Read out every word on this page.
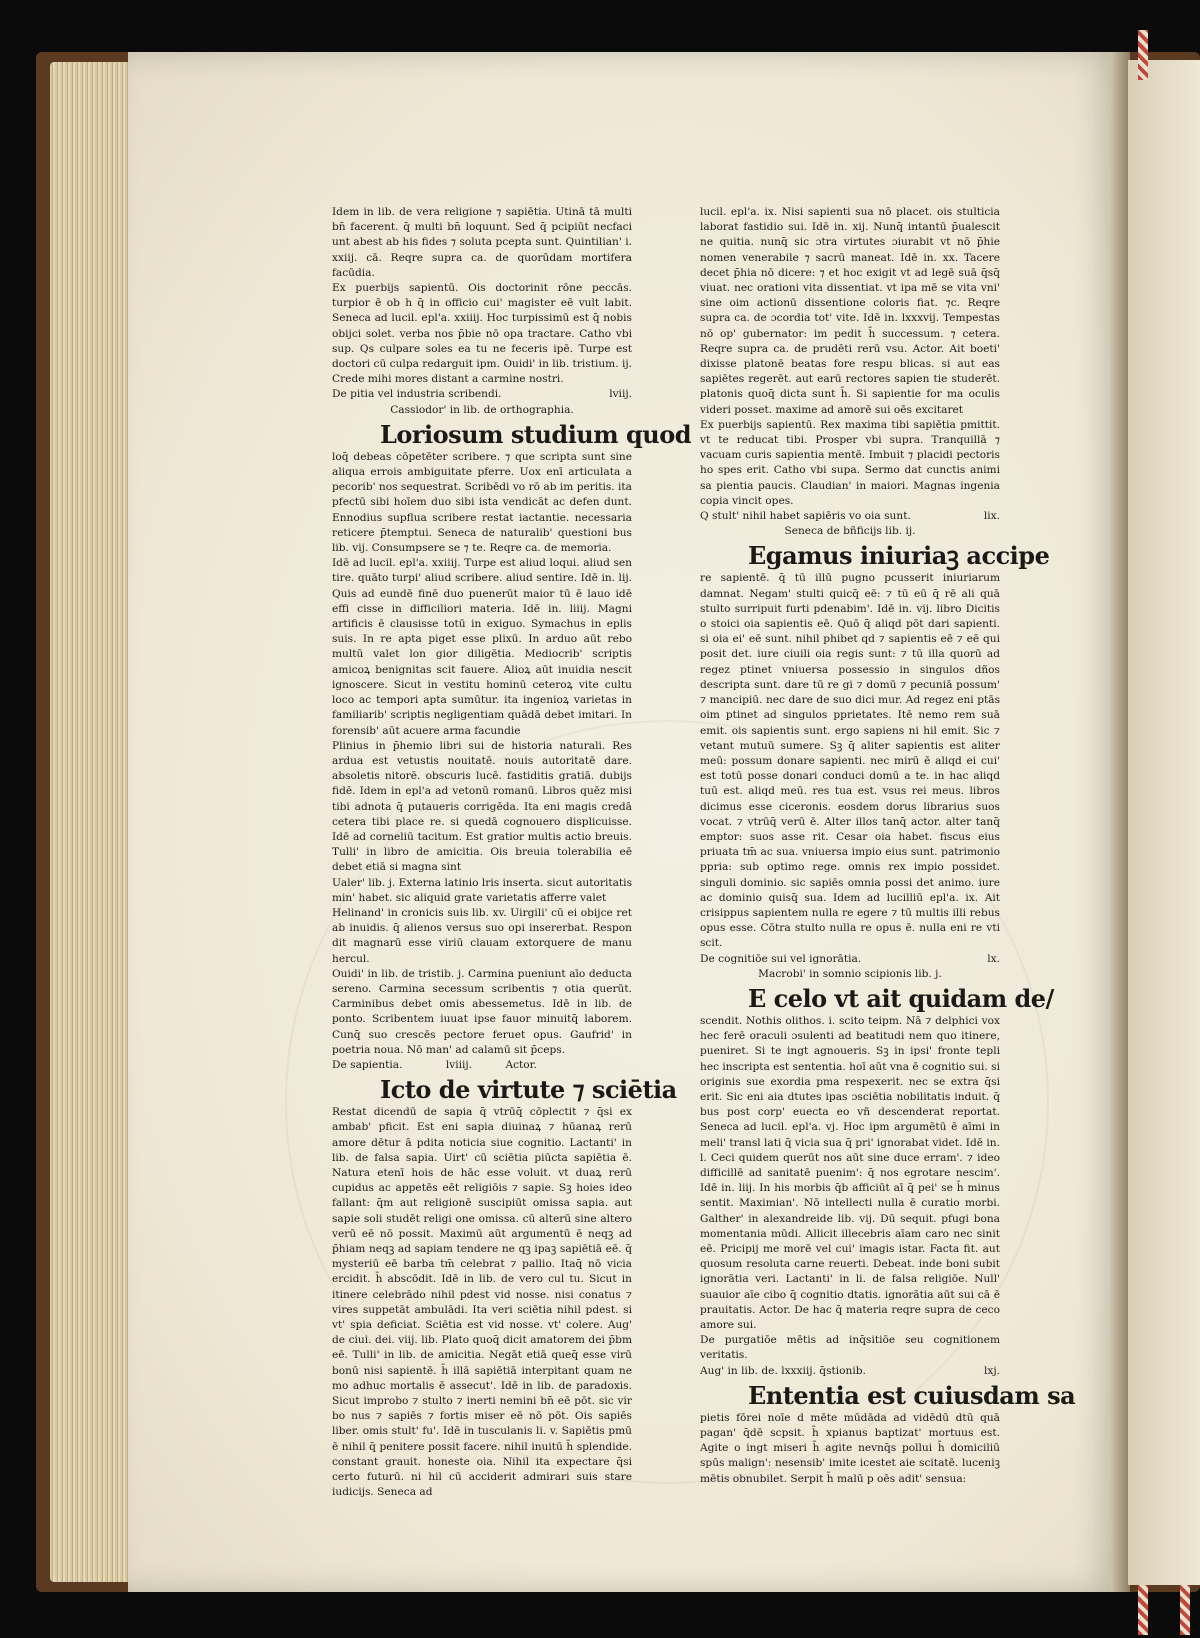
Idem in lib. de vera religione ⁊ sapiētia. Utinā tā multi bn̄ facerent. q̄ multi bn̄ loquunt. Sed q̄ pcipiūt necfaci unt abest ab his fides ⁊ soluta pcepta sunt. Quintilian' i. xxiij. cā. Reqre supra ca. de quorūdam mortifera facūdia.

Ex puerbijs sapientū. Ois doctorinit rōne peccās. turpior ē ob h q̄ in officio cui' magister eē vult labit. Seneca ad lucil. epl'a. xxiiij. Hoc turpissimū est q̄ nobis obijci solet. verba nos p̄bie nō opa tractare. Catho vbi sup. Qs culpare soles ea tu ne feceris ipē. Turpe est doctori cū culpa redarguit ipm. Ouidi' in lib. tristium. ij. Crede mihi mores distant a carmine nostri.

De pitia vel industria scribendi.	lviij.

Cassiodor' in lib. de orthographia.

Loriosum studium quod

loq̄ debeas cōpetēter scribere. ⁊ que scripta sunt sine aliqua errois ambiguitate pferre. Uox enī articulata a pecorib' nos sequestrat. Scribēdi vo rō ab im peritis. ita pfectū sibi hoīem duo sibi ista vendicāt ac defen dunt. Ennodius supflua scribere restat iactantie. necessaria reticere p̄temptui. Seneca de naturalib' questioni bus lib. vij. Consumpsere se ⁊ te. Reqre ca. de memoria.

Idē ad lucil. epl'a. xxiiij. Turpe est aliud loqui. aliud sen tire. quāto turpi' aliud scribere. aliud sentire. Idē in. lij. Quis ad eundē finē duo puenerūt maior tū ē lauo idē effi cisse in difficiliori materia. Idē in. liiij. Magni artificis ē clausisse totū in exiguo. Symachus in eplis suis. In re apta piget esse plixū. In arduo aūt rebo multū valet lon gior diligētia. Mediocrib' scriptis amicoꝝ benignitas scit fauere. Alioꝝ aūt inuidia nescit ignoscere. Sicut in vestitu hominū ceteroꝝ vite cultu loco ac tempori apta sumūtur. ita ingenioꝝ varietas in familiarib' scriptis negligentiam quādā debet imitari. In forensib' aūt acuere arma facundie

Plinius in p̄hemio libri sui de historia naturali. Res ardua est vetustis nouitatē. nouis autoritatē dare. absoletis nitorē. obscuris lucē. fastiditis gratiā. dubijs fidē. Idem in epl'a ad vetonū romanū. Libros quēz misi tibi adnota q̄ putaueris corrigēda. Ita eni magis credā cetera tibi place re. si quedā cognouero displicuisse. Idē ad corneliū tacitum. Est gratior multis actio breuis. Tulli' in libro de amicitia. Ois breuia tolerabilia eē debet etiā si magna sint

Ualer' lib. j. Externa latinio lris inserta. sicut autoritatis min' habet. sic aliquid grate varietatis afferre valet

Helinand' in cronicis suis lib. xv. Uirgili' cū ei obijce ret ab inuidis. q̄ alienos versus suo opi insererbat. Respon dit magnarū esse viriū clauam extorquere de manu hercul.

Ouidi' in lib. de tristib. j. Carmina pueniunt aīo deducta sereno. Carmina secessum scribentis ⁊ otia querūt. Carminibus debet omis abessemetus. Idē in lib. de ponto. Scribentem iuuat ipse fauor minuitq̄ laborem. Cunq̄ suo crescēs pectore feruet opus. Gaufrid' in poetria noua. Nō man' ad calamū sit p̄ceps.

De sapientia.	lviiij.	Actor.

Icto de virtute ⁊ sciētia

Restat dicendū de sapia q̄ vtrūq̄ cōplectit ⁊ q̄si ex ambab' pficit. Est eni sapia diuinaꝝ ⁊ hūanaꝝ rerū amore dētur ā pdita noticia siue cognitio. Lactanti' in lib. de falsa sapia. Uirt' cū sciētia piūcta sapiētia ē. Natura etenī hois de hāc esse voluit. vt duaꝝ rerū cupidus ac appetēs eēt religiōis ⁊ sapie. Sꝫ hoies ideo fallant: q̄m aut religionē suscipiūt omissa sapia. aut sapie soli studēt religi one omissa. cū alterū sine altero verū eē nō possit. Maximū aūt argumentū ē neqꝫ ad p̄hiam neqꝫ ad sapiam tendere ne qꝫ ipaꝫ sapiētiā eē. q̄ mysteriū eē barba tm̄ celebrat ⁊ pallio. Itaq̄ nō vicia ercidit. h̄ abscōdit. Idē in lib. de vero cul tu. Sicut in itinere celebrādo nihil pdest vid nosse. nisi conatus ⁊ vires suppetāt ambulādi. Ita veri sciētia nihil pdest. si vt' spia deficiat. Sciētia est vid nosse. vt' colere. Aug' de ciui. dei. viij. lib. Plato quoq̄ dicit amatorem dei p̄bm eē. Tulli' in lib. de amicitia. Negāt etiā queq̄ esse virū bonū nisi sapientē. h̄ illā sapiētiā interpitant quam ne mo adhuc mortalis ē assecut'. Idē in lib. de paradoxis. Sicut improbo ⁊ stulto ⁊ inerti nemini bn̄ eē pōt. sic vir bo nus ⁊ sapiēs ⁊ fortis miser eē nō pōt. Ois sapiēs liber. omis stult' fu'. Idē in tusculanis li. v. Sapiētis pmū ē nihil q̄ penitere possit facere. nihil inuitū h̄ splendide. constant grauit. honeste oia. Nihil ita expectare q̄si certo futurū. ni hil cū acciderit admirari suis stare iudicijs. Seneca ad

lucil. epl'a. ix. Nisi sapienti sua nō placet. ois stulticia laborat fastidio sui. Idē in. xij. Nunq̄ intantū p̄ualescit ne quitia. nunq̄ sic ɔtra virtutes ɔiurabit vt nō p̄hie nomen venerabile ⁊ sacrū maneat. Idē in. xx. Tacere decet p̄hia nō dicere: ⁊ et hoc exigit vt ad legē suā q̄sq̄ viuat. nec orationi vita dissentiat. vt ipa mē se vita vni' sine oim actionū dissentione coloris fiat. ⁊c. Reqre supra ca. de ɔcordia tot' vite. Idē in. lxxxvij. Tempestas nō op' gubernator: im pedit h̄ successum. ⁊ cetera. Reqre supra ca. de prudēti rerū vsu. Actor. Ait boeti' dixisse platonē beatas fore respu blicas. si aut eas sapiētes regerēt. aut earū rectores sapien tie studerēt. platonis quoq̄ dicta sunt h̄. Si sapientie for ma oculis videri posset. maxime ad amorē sui oēs excitaret

Ex puerbijs sapientū. Rex maxima tibi sapiētia pmittit. vt te reducat tibi. Prosper vbi supra. Tranquillā ⁊ vacuam curis sapientia mentē. Imbuit ⁊ placidi pectoris ho spes erit. Catho vbi supa. Sermo dat cunctis animi sa pientia paucis. Claudian' in maiori. Magnas ingenia copia vincit opes.

Q stult' nihil habet sapiēris vo oia sunt.	lix.

Seneca de bñficijs lib. ij.

Egamus iniuriaꝫ accipe

re sapientē. q̄ tū illū pugno pcusserit iniuriarum damnat. Negam' stulti quicq̄ eē: ⁊ tū eū q̄ rē ali quā stulto surripuit furti pdenabim'. Idē in. vij. libro Dicitis o stoici oia sapientis eē. Quō q̄ aliqd pōt dari sapienti. si oia ei' eē sunt. nihil phibet qd ⁊ sapientis eē ⁊ eē qui posit det. iure ciuili oia regis sunt: ⁊ tū illa quorū ad regez ptinet vniuersa possessio in singulos dños descripta sunt. dare tū re gi ⁊ domū ⁊ pecuniā possum' ⁊ mancipiū. nec dare de suo dici mur. Ad regez eni ptās oim ptinet ad singulos pprietates. Itē nemo rem suā emit. ois sapientis sunt. ergo sapiens ni hil emit. Sic ⁊ vetant mutuū sumere. Sꝫ q̄ aliter sapientis est aliter meū: possum donare sapienti. nec mirū ē aliqd ei cui' est totū posse donari conduci domū a te. in hac aliqd tuū est. aliqd meū. res tua est. vsus rei meus. libros dicimus esse ciceronis. eosdem dorus librarius suos vocat. ⁊ vtrūq̄ verū ē. Alter illos tanq̄ actor. alter tanq̄ emptor: suos asse rit. Cesar oia habet. fiscus eius priuata tm̄ ac sua. vniuersa impio eius sunt. patrimonio ppria: sub optimo rege. omnis rex impio possidet. singuli dominio. sic sapiēs omnia possi det animo. iure ac dominio quisq̄ sua. Idem ad lucilliū epl'a. ix. Ait crisippus sapientem nulla re egere ⁊ tū multis illi rebus opus esse. Cōtra stulto nulla re opus ē. nulla eni re vti scit.

De cognitiōe sui vel ignorātia.	lx.

Macrobi' in somnio scipionis lib. j.

E celo vt ait quidam de/

scendit. Nothis olithos. i. scito teipm. Nā ⁊ delphici vox hec ferē oraculi ɔsulenti ad beatitudi nem quo itinere, pueniret. Si te ingt agnoueris. Sꝫ in ipsi' fronte tepli hec inscripta est sententia. hoī aūt vna ē cognitio sui. si originis sue exordia pma respexerit. nec se extra q̄si erit. Sic eni aia dtutes ipas ɔsciētia nobilitatis induit. q̄ bus post corp' euecta eo vñ descenderat reportat. Seneca ad lucil. epl'a. vj. Hoc ipm argumētū ē aīmi in meli' transl lati q̄ vicia sua q̄ pri' ignorabat videt. Idē in. l. Ceci quidem querūt nos aūt sine duce erram'. ⁊ ideo difficillē ad sanitatē puenim': q̄ nos egrotare nescim'. Idē in. liij. In his morbis q̄b afficiūt aī q̄ pei' se h̄ minus sentit. Maximian'. Nō intellecti nulla ē curatio morbi. Galther' in alexandreide lib. vij. Dū sequit. pfugi bona momentania mūdi. Allicit illecebris aīam caro nec sinit eē. Pricipij me morē vel cui' imagis istar. Facta fit. aut quosum resoluta carne reuerti. Debeat. inde boni subit ignorātia veri. Lactanti' in li. de falsa religiōe. Null' suauior aīe cibo q̄ cognitio dtatis. ignorātia aūt sui cā ē prauitatis. Actor. De hac q̄ materia reqre supra de ceco amore sui.

De purgatiōe mētis ad inq̄sitiōe seu cognitionem veritatis.

Aug' in lib. de. lxxxiij. q̄stionib.	lxj.

Ententia est cuiusdam sa

pietis fōrei noīe d mēte mūdāda ad vidēdū dtū quā pagan' q̄dē scpsit. h̄ xpianus baptizat' mortuus est. Agite o ingt miseri h̄ agite nevnq̄s pollui h̄ domiciliū spūs malign': nesensib' imite icestet aie scitatē. luceniꝫ mētis obnubilet. Serpit h̄ malū p oēs adit' sensua:
